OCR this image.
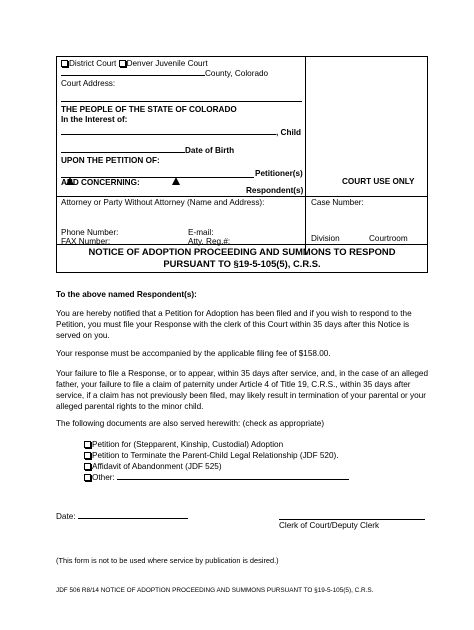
District Court Denver Juvenile Court
County, Colorado
Court Address:
THE PEOPLE OF THE STATE OF COLORADO
In the Interest of:
, Child
Date of Birth
UPON THE PETITION OF:
Petitioner(s)
AND CONCERNING:
Respondent(s)
COURT USE ONLY
Attorney or Party Without Attorney (Name and Address):	Case Number:
Phone Number:	E-mail:
FAX Number:	Atty. Reg.#:	Division	Courtroom
NOTICE OF ADOPTION PROCEEDING AND SUMMONS TO RESPOND
PURSUANT TO §19-5-105(5), C.R.S.
To the above named Respondent(s):
You are hereby notified that a Petition for Adoption has been filed and if you wish to respond to the Petition, you must file your Response with the clerk of this Court within 35 days after this Notice is served on you.
Your response must be accompanied by the applicable filing fee of $158.00.
Your failure to file a Response, or to appear, within 35 days after service, and, in the case of an alleged father, your failure to file a claim of paternity under Article 4 of Title 19, C.R.S., within 35 days after service, if a claim has not previously been filed, may likely result in termination of your parental or your alleged parental rights to the minor child.
The following documents are also served herewith: (check as appropriate)
Petition for (Stepparent, Kinship, Custodial) Adoption
Petition to Terminate the Parent-Child Legal Relationship (JDF 520).
Affidavit of Abandonment (JDF 525)
Other:
Date:
Clerk of Court/Deputy Clerk
(This form is not to be used where service by publication is desired.)
JDF 506 R8/14 NOTICE OF ADOPTION PROCEEDING AND SUMMONS PURSUANT TO §19-5-105(5), C.R.S.
